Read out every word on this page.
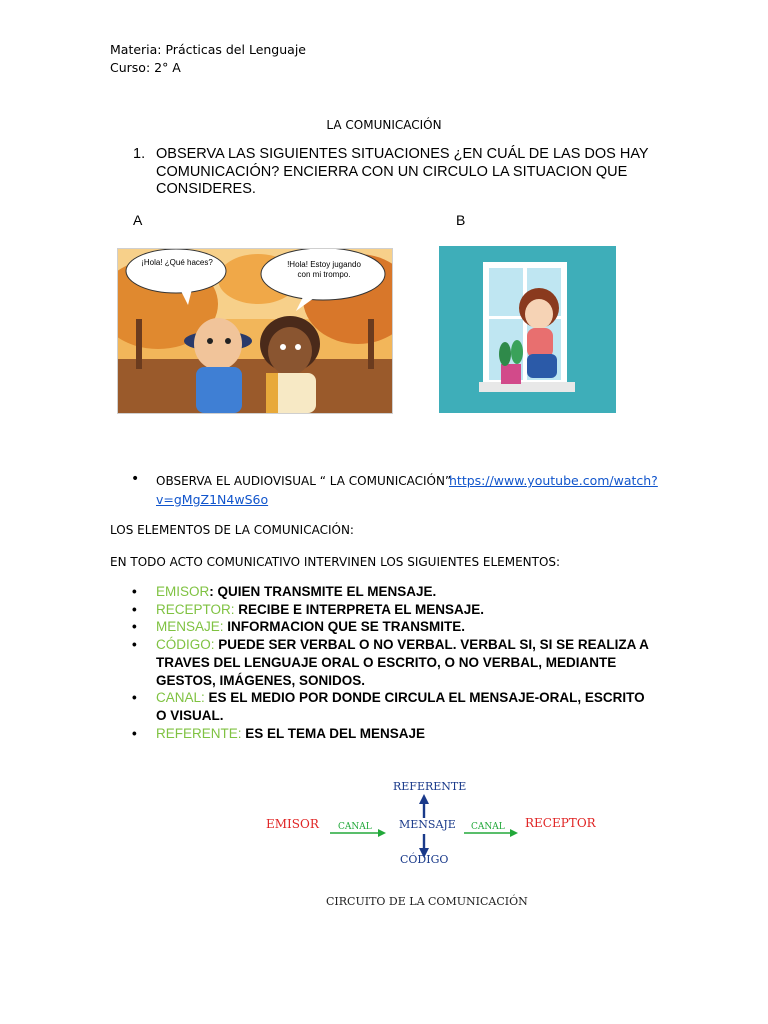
Materia: Prácticas del Lenguaje
Curso: 2° A
LA COMUNICACIÓN
1. OBSERVA LAS SIGUIENTES SITUACIONES ¿EN CUÁL DE LAS DOS HAY COMUNICACIÓN? ENCIERRA CON UN CIRCULO LA SITUACION QUE CONSIDERES.
A	B
¡Hola! ¿Qué haces?	!Hola! Estoy jugando con mi trompo.
• OBSERVA EL AUDIOVISUAL “ LA COMUNICACIÓN”
https://www.youtube.com/watch?
v=gMgZ1N4wS6o
LOS ELEMENTOS DE LA COMUNICACIÓN:
EN TODO ACTO COMUNICATIVO INTERVINEN LOS SIGUIENTES ELEMENTOS:
• EMISOR: QUIEN TRANSMITE EL MENSAJE.
• RECEPTOR: RECIBE E INTERPRETA EL MENSAJE.
• MENSAJE: INFORMACION QUE SE TRANSMITE.
• CÓDIGO: PUEDE SER VERBAL O NO VERBAL. VERBAL SI, SI SE REALIZA A TRAVES DEL LENGUAJE ORAL O ESCRITO, O NO VERBAL, MEDIANTE GESTOS, IMÁGENES, SONIDOS.
• CANAL: ES EL MEDIO POR DONDE CIRCULA EL MENSAJE-ORAL, ESCRITO O VISUAL.
• REFERENTE: ES EL TEMA DEL MENSAJE
REFERENTE
EMISOR CANAL MENSAJE CANAL RECEPTOR
CÓDIGO
CIRCUITO DE LA COMUNICACIÓN
